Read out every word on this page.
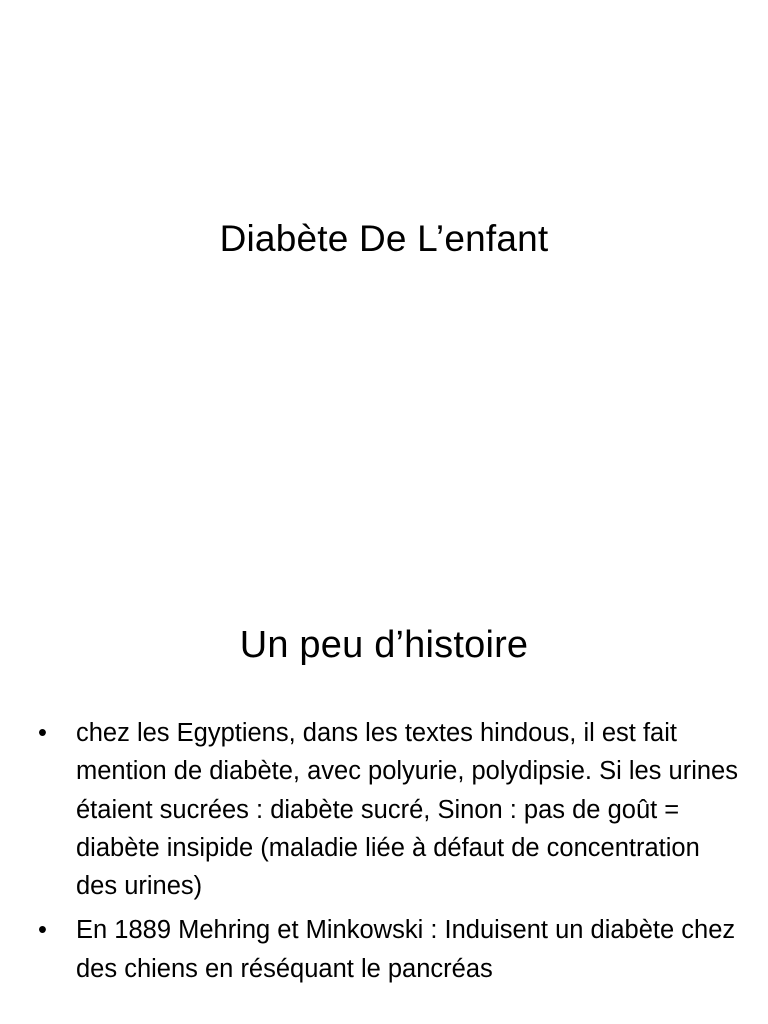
Diabète De L’enfant
Un peu d’histoire
•	chez les Egyptiens, dans les textes hindous, il est fait mention de diabète, avec polyurie, polydipsie. Si les urines étaient sucrées : diabète sucré, Sinon : pas de goût = diabète insipide (maladie liée à défaut de concentration des urines)
•	En 1889 Mehring et Minkowski : Induisent un diabète chez des chiens en réséquant le pancréas
